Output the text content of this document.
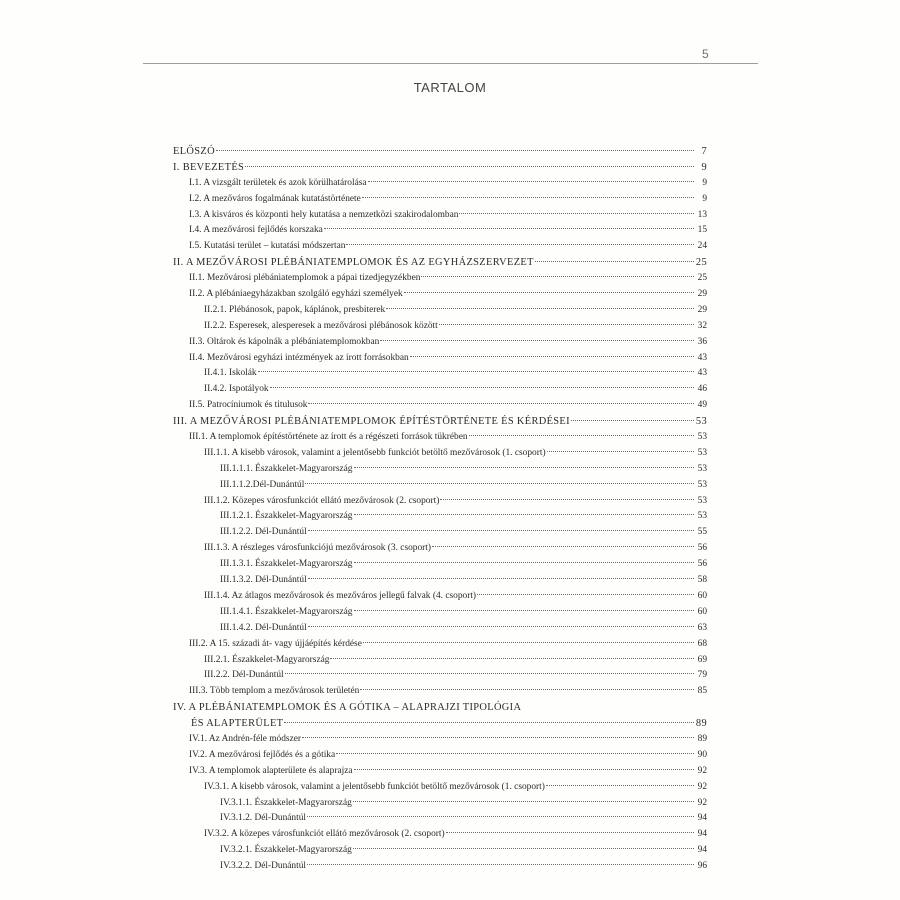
5
TARTALOM
ELŐSZÓ	7
I. BEVEZETÉS	9
I.1. A vizsgált területek és azok körülhatárolása	9
I.2. A mezőváros fogalmának kutatástörténete	9
I.3. A kisváros és központi hely kutatása a nemzetközi szakirodalomban	13
I.4. A mezővárosi fejlődés korszaka	15
I.5. Kutatási terület – kutatási módszertan	24
II. A MEZŐVÁROSI PLÉBÁNIATEMPLOMOK ÉS AZ EGYHÁZSZERVEZET	25
II.1. Mezővárosi plébániatemplomok a pápai tizedjegyzékben	25
II.2. A plébániaegyházakban szolgáló egyházi személyek	29
II.2.1. Plébánosok, papok, káplánok, presbiterek	29
II.2.2. Esperesek, alesperesek a mezővárosi plébánosok között	32
II.3. Oltárok és kápolnák a plébániatemplomokban	36
II.4. Mezővárosi egyházi intézmények az írott forrásokban	43
II.4.1. Iskolák	43
II.4.2. Ispotályok	46
II.5. Patrocíniumok és titulusok	49
III. A MEZŐVÁROSI PLÉBÁNIATEMPLOMOK ÉPÍTÉSTÖRTÉNETE ÉS KÉRDÉSEI	53
III.1. A templomok építéstörténete az írott és a régészeti források tükrében	53
III.1.1. A kisebb városok, valamint a jelentősebb funkciót betöltő mezővárosok (1. csoport)	53
III.1.1.1. Északkelet-Magyarország	53
III.1.1.2.Dél-Dunántúl	53
III.1.2. Közepes városfunkciót ellátó mezővárosok (2. csoport)	53
III.1.2.1. Északkelet-Magyarország	53
III.1.2.2. Dél-Dunántúl	55
III.1.3. A részleges városfunkciójú mezővárosok (3. csoport)	56
III.1.3.1. Északkelet-Magyarország	56
III.1.3.2. Dél-Dunántúl	58
III.1.4. Az átlagos mezővárosok és mezőváros jellegű falvak (4. csoport)	60
III.1.4.1. Északkelet-Magyarország	60
III.1.4.2. Dél-Dunántúl	63
III.2. A 15. századi át- vagy újjáépítés kérdése	68
III.2.1. Északkelet-Magyarország	69
III.2.2. Dél-Dunántúl	79
III.3. Több templom a mezővárosok területén	85
IV. A PLÉBÁNIATEMPLOMOK ÉS A GÓTIKA – ALAPRAJZI TIPOLÓGIA
ÉS ALAPTERÜLET	89
IV.1. Az Andrén-féle módszer	89
IV.2. A mezővárosi fejlődés és a gótika	90
IV.3. A templomok alapterülete és alaprajza	92
IV.3.1. A kisebb városok, valamint a jelentősebb funkciót betöltő mezővárosok (1. csoport)	92
IV.3.1.1. Északkelet-Magyarország	92
IV.3.1.2. Dél-Dunántúl	94
IV.3.2. A közepes városfunkciót ellátó mezővárosok (2. csoport)	94
IV.3.2.1. Északkelet-Magyarország	94
IV.3.2.2. Dél-Dunántúl	96
